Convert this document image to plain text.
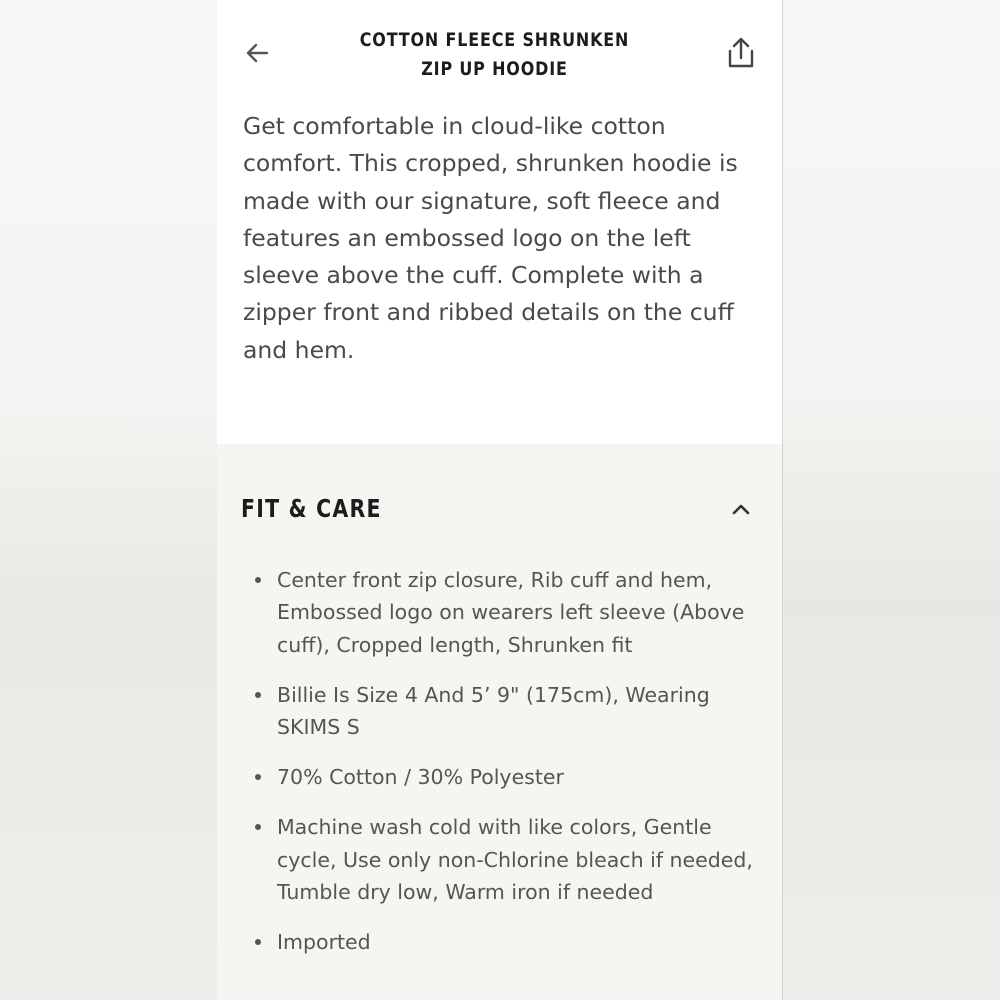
COTTON FLEECE SHRUNKEN ZIP UP HOODIE

Get comfortable in cloud-like cotton comfort. This cropped, shrunken hoodie is made with our signature, soft fleece and features an embossed logo on the left sleeve above the cuff. Complete with a zipper front and ribbed details on the cuff and hem.

FIT & CARE
Center front zip closure, Rib cuff and hem, Embossed logo on wearers left sleeve (Above cuff), Cropped length, Shrunken fit
Billie Is Size 4 And 5’ 9" (175cm), Wearing SKIMS S
70% Cotton / 30% Polyester
Machine wash cold with like colors, Gentle cycle, Use only non-Chlorine bleach if needed, Tumble dry low, Warm iron if needed
Imported
